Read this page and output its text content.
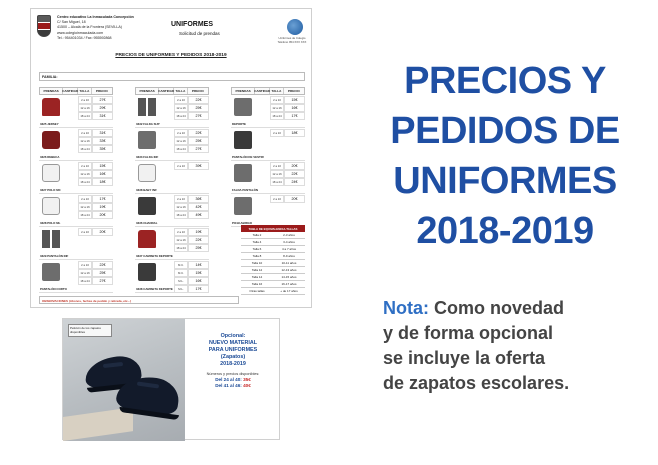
Centro educativo La Inmaculada Concepción
C/ San Miguel, 18
41500 – Alcalá de la Frontera (SEVILLA)
www.colegioinmaculada.com
Tel.: 954401034 / Fax: 955592868
UNIFORMES
Solicitud de prendas
Uniformes de Colegio Teléfono 954 XXX XXX
PRECIOS DE UNIFORMES Y PEDIDOS 2018-2019
FAMILIA:
PRENDAS	CANTIDAD TALLA	PRECIO
3325 JERSEY
2 a 10	27€
12 a 16	29€
18 a 24	31€
3326 REBECA
2 a 10	31€
12 a 16	33€
18 a 24	35€
3327 POLO MC
2 a 10	15€
12 a 16	16€
18 a 24	18€
3328 POLO ML
2 a 10	17€
12 a 16	19€
18 a 24	20€
3329 PANTALÓN INF
2 a 10	20€
PANTALÓN CORTO
2 a 10	22€
12 a 16	25€
18 a 24	27€
PRENDAS	CANTIDAD TALLA	PRECIO
3332 FALDA SUP
2 a 10	22€
12 a 16	25€
18 a 24	27€
3333 FALDA INF
2 a 10	22€
12 a 16	25€
18 a 24	27€
3338 BABY INF
2 a 10	39€
3336 CHANDAL
2 a 10	36€
12 a 16	42€
18 a 24	49€
3337 CAMISETA DEPORTE
2 a 10	19€
12 a 16	22€
18 a 24	25€
3338 CAMISETA DEPORTE
M.C.	14€
M.C.	15€
M.L.	16€
M.L.	17€
PRENDAS	CANTIDAD TALLA	PRECIO
DEPORTE
2 a 10	15€
12 a 16	16€
18 a 24	17€
PANTALÓN DE VESTIR
2 a 10	18€
FALDA PANTALÓN
2 a 10	20€
12 a 16	22€
18 a 24	24€
PICHI ABRIGO
2 a 10	20€
TABLA DE EQUIVALENCIA-TALLAS
Talla 2	2-3 años
Talla 4	3-4 años
Talla 6	4 a 7 años
Talla 8	8-9 años
Talla 10	10-11 años
Talla 12	12-13 años
Talla 14	14-15 años
Talla 16	16-17 años
Otras tallas	+ de 17 años
OBSERVACIONES (Abonos, fechas de pedido y retirada, etc...)
Petición de los zapatos disponibles
Opcional:
NUEVO MATERIAL
PARA UNIFORMES
(Zapatos)
2018-2019
Números y precios disponibles:
Del 24 al 40: 35€
Del 41 al 46: 40€
PRECIOS Y
PEDIDOS DE
UNIFORMES
2018-2019
Nota: Como novedad
y de forma opcional
se incluye la oferta
de zapatos escolares.
